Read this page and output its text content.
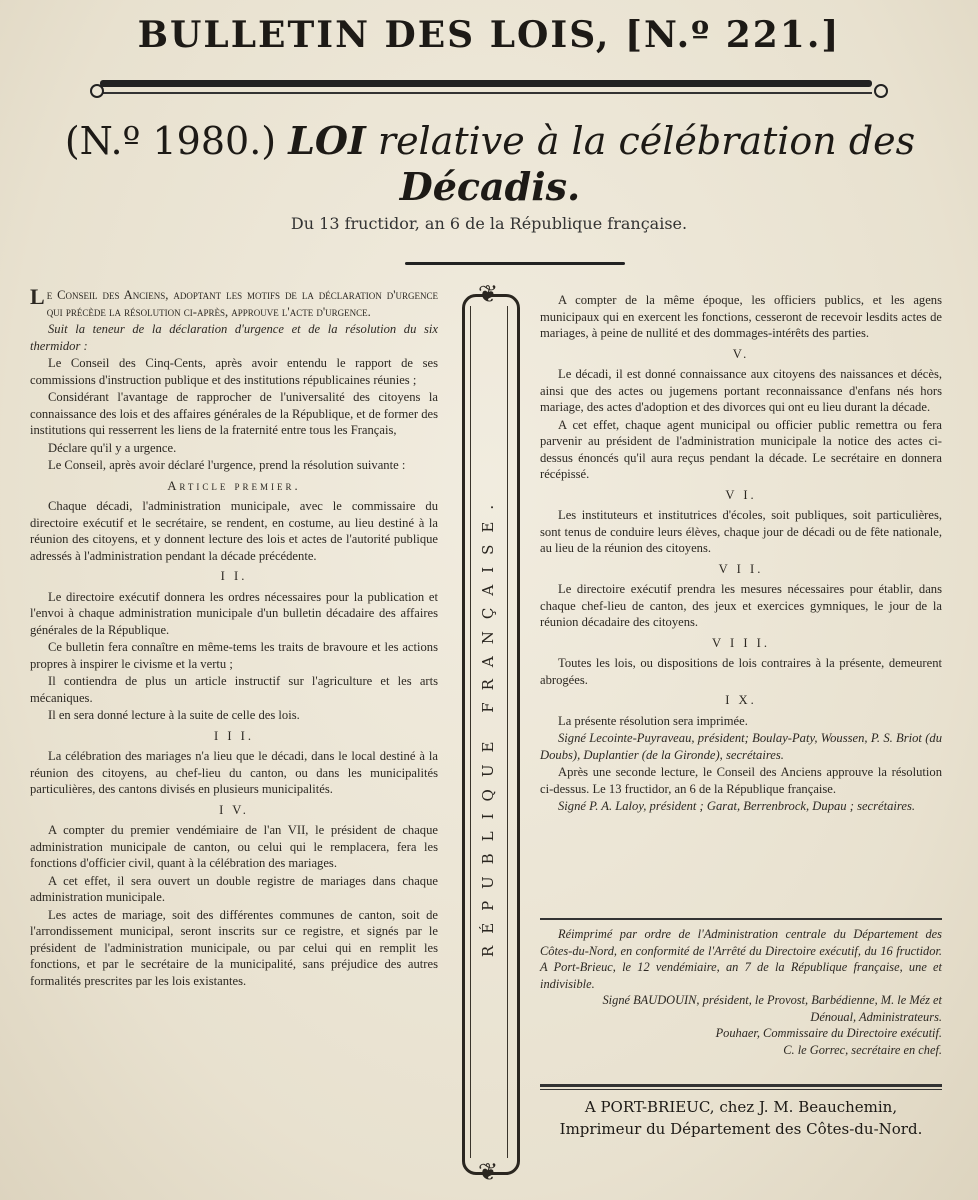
BULLETIN DES LOIS, [N.º 221.]
(N.º 1980.) LOI relative à la célébration des
Décadis.
Du 13 fructidor, an 6 de la République française.

Le Conseil des Anciens, adoptant les motifs de la déclaration d'urgence qui précède la résolution ci-après, approuve l'acte d'urgence.

Suit la teneur de la déclaration d'urgence et de la résolution du six thermidor :

Le Conseil des Cinq-Cents, après avoir entendu le rapport de ses commissions d'instruction publique et des institutions républicaines réunies ;

Considérant l'avantage de rapprocher de l'universalité des citoyens la connaissance des lois et des affaires générales de la République, et de former des institutions qui resserrent les liens de la fraternité entre tous les Français,

Déclare qu'il y a urgence.

Le Conseil, après avoir déclaré l'urgence, prend la résolution suivante :

Article premier.

Chaque décadi, l'administration municipale, avec le commissaire du directoire exécutif et le secrétaire, se rendent, en costume, au lieu destiné à la réunion des citoyens, et y donnent lecture des lois et actes de l'autorité publique adressés à l'administration pendant la décade précédente.

I I.

Le directoire exécutif donnera les ordres nécessaires pour la publication et l'envoi à chaque administration municipale d'un bulletin décadaire des affaires générales de la République.

Ce bulletin fera connaître en même-tems les traits de bravoure et les actions propres à inspirer le civisme et la vertu ;

Il contiendra de plus un article instructif sur l'agriculture et les arts mécaniques.

Il en sera donné lecture à la suite de celle des lois.

I I I.

La célébration des mariages n'a lieu que le décadi, dans le local destiné à la réunion des citoyens, au chef-lieu du canton, ou dans les municipalités particulières, des cantons divisés en plusieurs municipalités.

I V.

A compter du premier vendémiaire de l'an VII, le président de chaque administration municipale de canton, ou celui qui le remplacera, fera les fonctions d'officier civil, quant à la célébration des mariages.

A cet effet, il sera ouvert un double registre de mariages dans chaque administration municipale.

Les actes de mariage, soit des différentes communes de canton, soit de l'arrondissement municipal, seront inscrits sur ce registre, et signés par le président de l'administration municipale, ou par celui qui en remplit les fonctions, et par le secrétaire de la municipalité, sans préjudice des autres formalités prescrites par les lois existantes.

❦
❦
RÉPUBLIQUE FRANÇAISE.

A compter de la même époque, les officiers publics, et les agens municipaux qui en exercent les fonctions, cesseront de recevoir lesdits actes de mariages, à peine de nullité et des dommages-intérêts des parties.

V.

Le décadi, il est donné connaissance aux citoyens des naissances et décès, ainsi que des actes ou jugemens portant reconnaissance d'enfans nés hors mariage, des actes d'adoption et des divorces qui ont eu lieu durant la décade.

A cet effet, chaque agent municipal ou officier public remettra ou fera parvenir au président de l'administration municipale la notice des actes ci-dessus énoncés qu'il aura reçus pendant la décade. Le secrétaire en donnera récépissé.

V I.

Les instituteurs et institutrices d'écoles, soit publiques, soit particulières, sont tenus de conduire leurs élèves, chaque jour de décadi ou de fête nationale, au lieu de la réunion des citoyens.

V I I.

Le directoire exécutif prendra les mesures nécessaires pour établir, dans chaque chef-lieu de canton, des jeux et exercices gymniques, le jour de la réunion décadaire des citoyens.

V I I I.

Toutes les lois, ou dispositions de lois contraires à la présente, demeurent abrogées.

I X.

La présente résolution sera imprimée.

Signé Lecointe-Puyraveau, président; Boulay-Paty, Woussen, P. S. Briot (du Doubs), Duplantier (de la Gironde), secrétaires.

Après une seconde lecture, le Conseil des Anciens approuve la résolution ci-dessus. Le 13 fructidor, an 6 de la République française.

Signé P. A. Laloy, président ; Garat, Berrenbrock, Dupau ; secrétaires.

Réimprimé par ordre de l'Administration centrale du Département des Côtes-du-Nord, en conformité de l'Arrêté du Directoire exécutif, du 16 fructidor. A Port-Brieuc, le 12 vendémiaire, an 7 de la République française, une et indivisible.

Signé BAUDOUIN, président, le Provost, Barbédienne, M. le Méz et Dénoual, Administrateurs.

Pouhaer, Commissaire du Directoire exécutif.

C. le Gorrec, secrétaire en chef.

A PORT-BRIEUC, chez J. M. Beauchemin,
Imprimeur du Département des Côtes-du-Nord.
